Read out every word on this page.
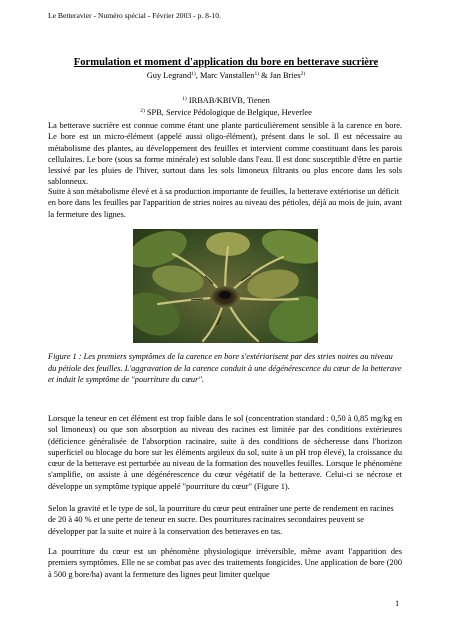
Le Betteravier - Numéro spécial - Février 2003 - p. 8-10.
Formulation et moment d'application du bore en betterave sucrière
Guy Legrand$^{1)}$, Marc Vanstallen$^{1)}$ & Jan Bries$^{2)}$
$^{1)}$ IRBAB/KBIVB, Tienen
$^{2)}$ SPB, Service Pédologique de Belgique, Heverlee

La betterave sucrière est connue comme étant une plante particulièrement sensible à la carence en bore. Le bore est un micro-élément (appelé aussi oligo-élément), présent dans le sol. Il est nécessaire au métabolisme des plantes, au développement des feuilles et intervient comme constituant dans les parois cellulaires. Le bore (sous sa forme minérale) est soluble dans l'eau. Il est donc susceptible d'être en partie lessivé par les pluies de l'hiver, surtout dans les sols limoneux filtrants ou plus encore dans les sols sablonneux.

Suite à son métabolisme élevé et à sa production importante de feuilles, la betterave extériorise un déficit en bore dans les feuilles par l'apparition de stries noires au niveau des pétioles, déjà au mois de juin, avant la fermeture des lignes.

Figure 1 : Les premiers symptômes de la carence en bore s'extériorisent par des stries noires au niveau du pétiole des feuilles. L'aggravation de la carence conduit à une dégénérescence du cœur de la betterave et induit le symptôme de "pourriture du cœur".

Lorsque la teneur en cet élément est trop faible dans le sol (concentration standard : 0,50 à 0,85 mg/kg en sol limoneux) ou que son absorption au niveau des racines est limitée par des conditions extérieures (déficience généralisée de l'absorption racinaire, suite à des conditions de sécheresse dans l'horizon superficiel ou blocage du bore sur les éléments argileux du sol, suite à un pH trop élevé), la croissance du cœur de la betterave est perturbée au niveau de la formation des nouvelles feuilles. Lorsque le phénomène s'amplifie, on assiste à une dégénérescence du cœur végétatif de la betterave. Celui-ci se nécrose et développe un symptôme typique appelé "pourriture du cœur" (Figure 1).

Selon la gravité et le type de sol, la pourriture du cœur peut entraîner une perte de rendement en racines de 20 à 40 % et une perte de teneur en sucre. Des pourritures racinaires secondaires peuvent se développer par la suite et nuire à la conservation des betteraves en tas.

La pourriture du cœur est un phénomène physiologique irréversible, même avant l'apparition des premiers symptômes. Elle ne se combat pas avec des traitements fongicides. Une application de bore (200 à 500 g bore/ha) avant la fermeture des lignes peut limiter quelque

1
